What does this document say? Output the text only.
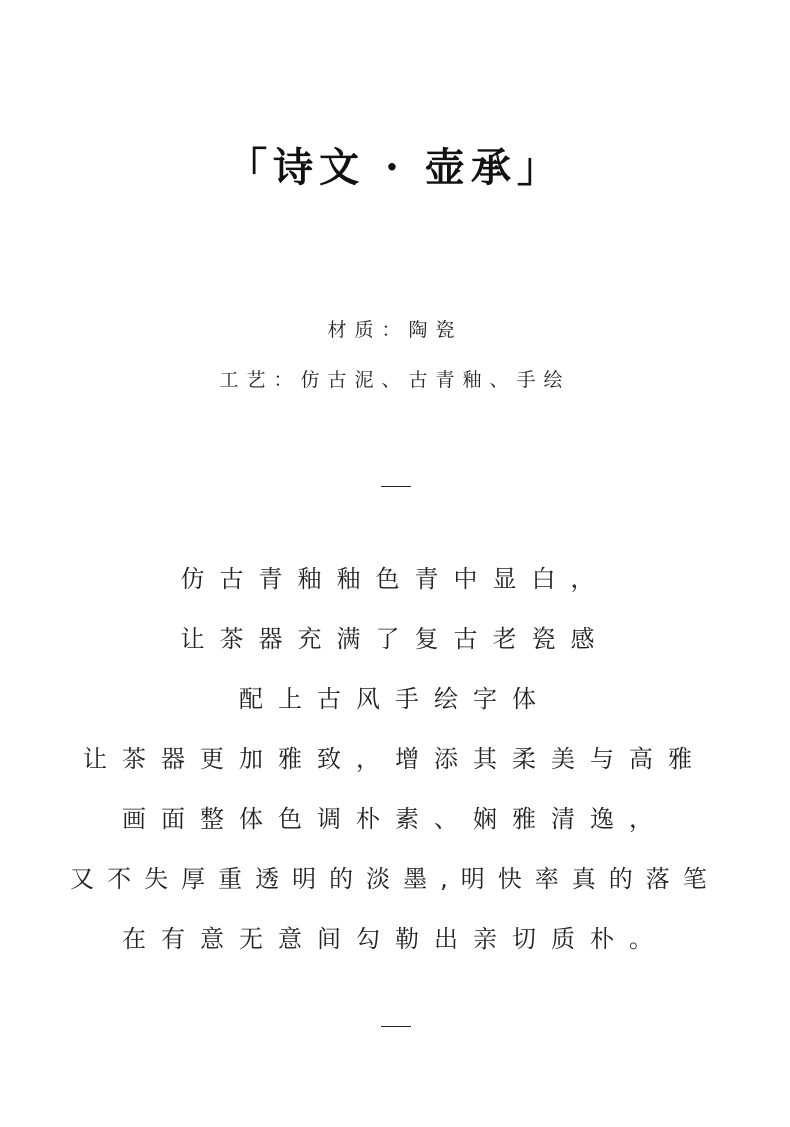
「诗文 · 壶承」
材质：陶瓷
工艺：仿古泥、古青釉、手绘
仿古青釉釉色青中显白，
让茶器充满了复古老瓷感
配上古风手绘字体
让茶器更加雅致，增添其柔美与高雅
画面整体色调朴素、娴雅清逸，
又不失厚重透明的淡墨,明快率真的落笔
在有意无意间勾勒出亲切质朴。
